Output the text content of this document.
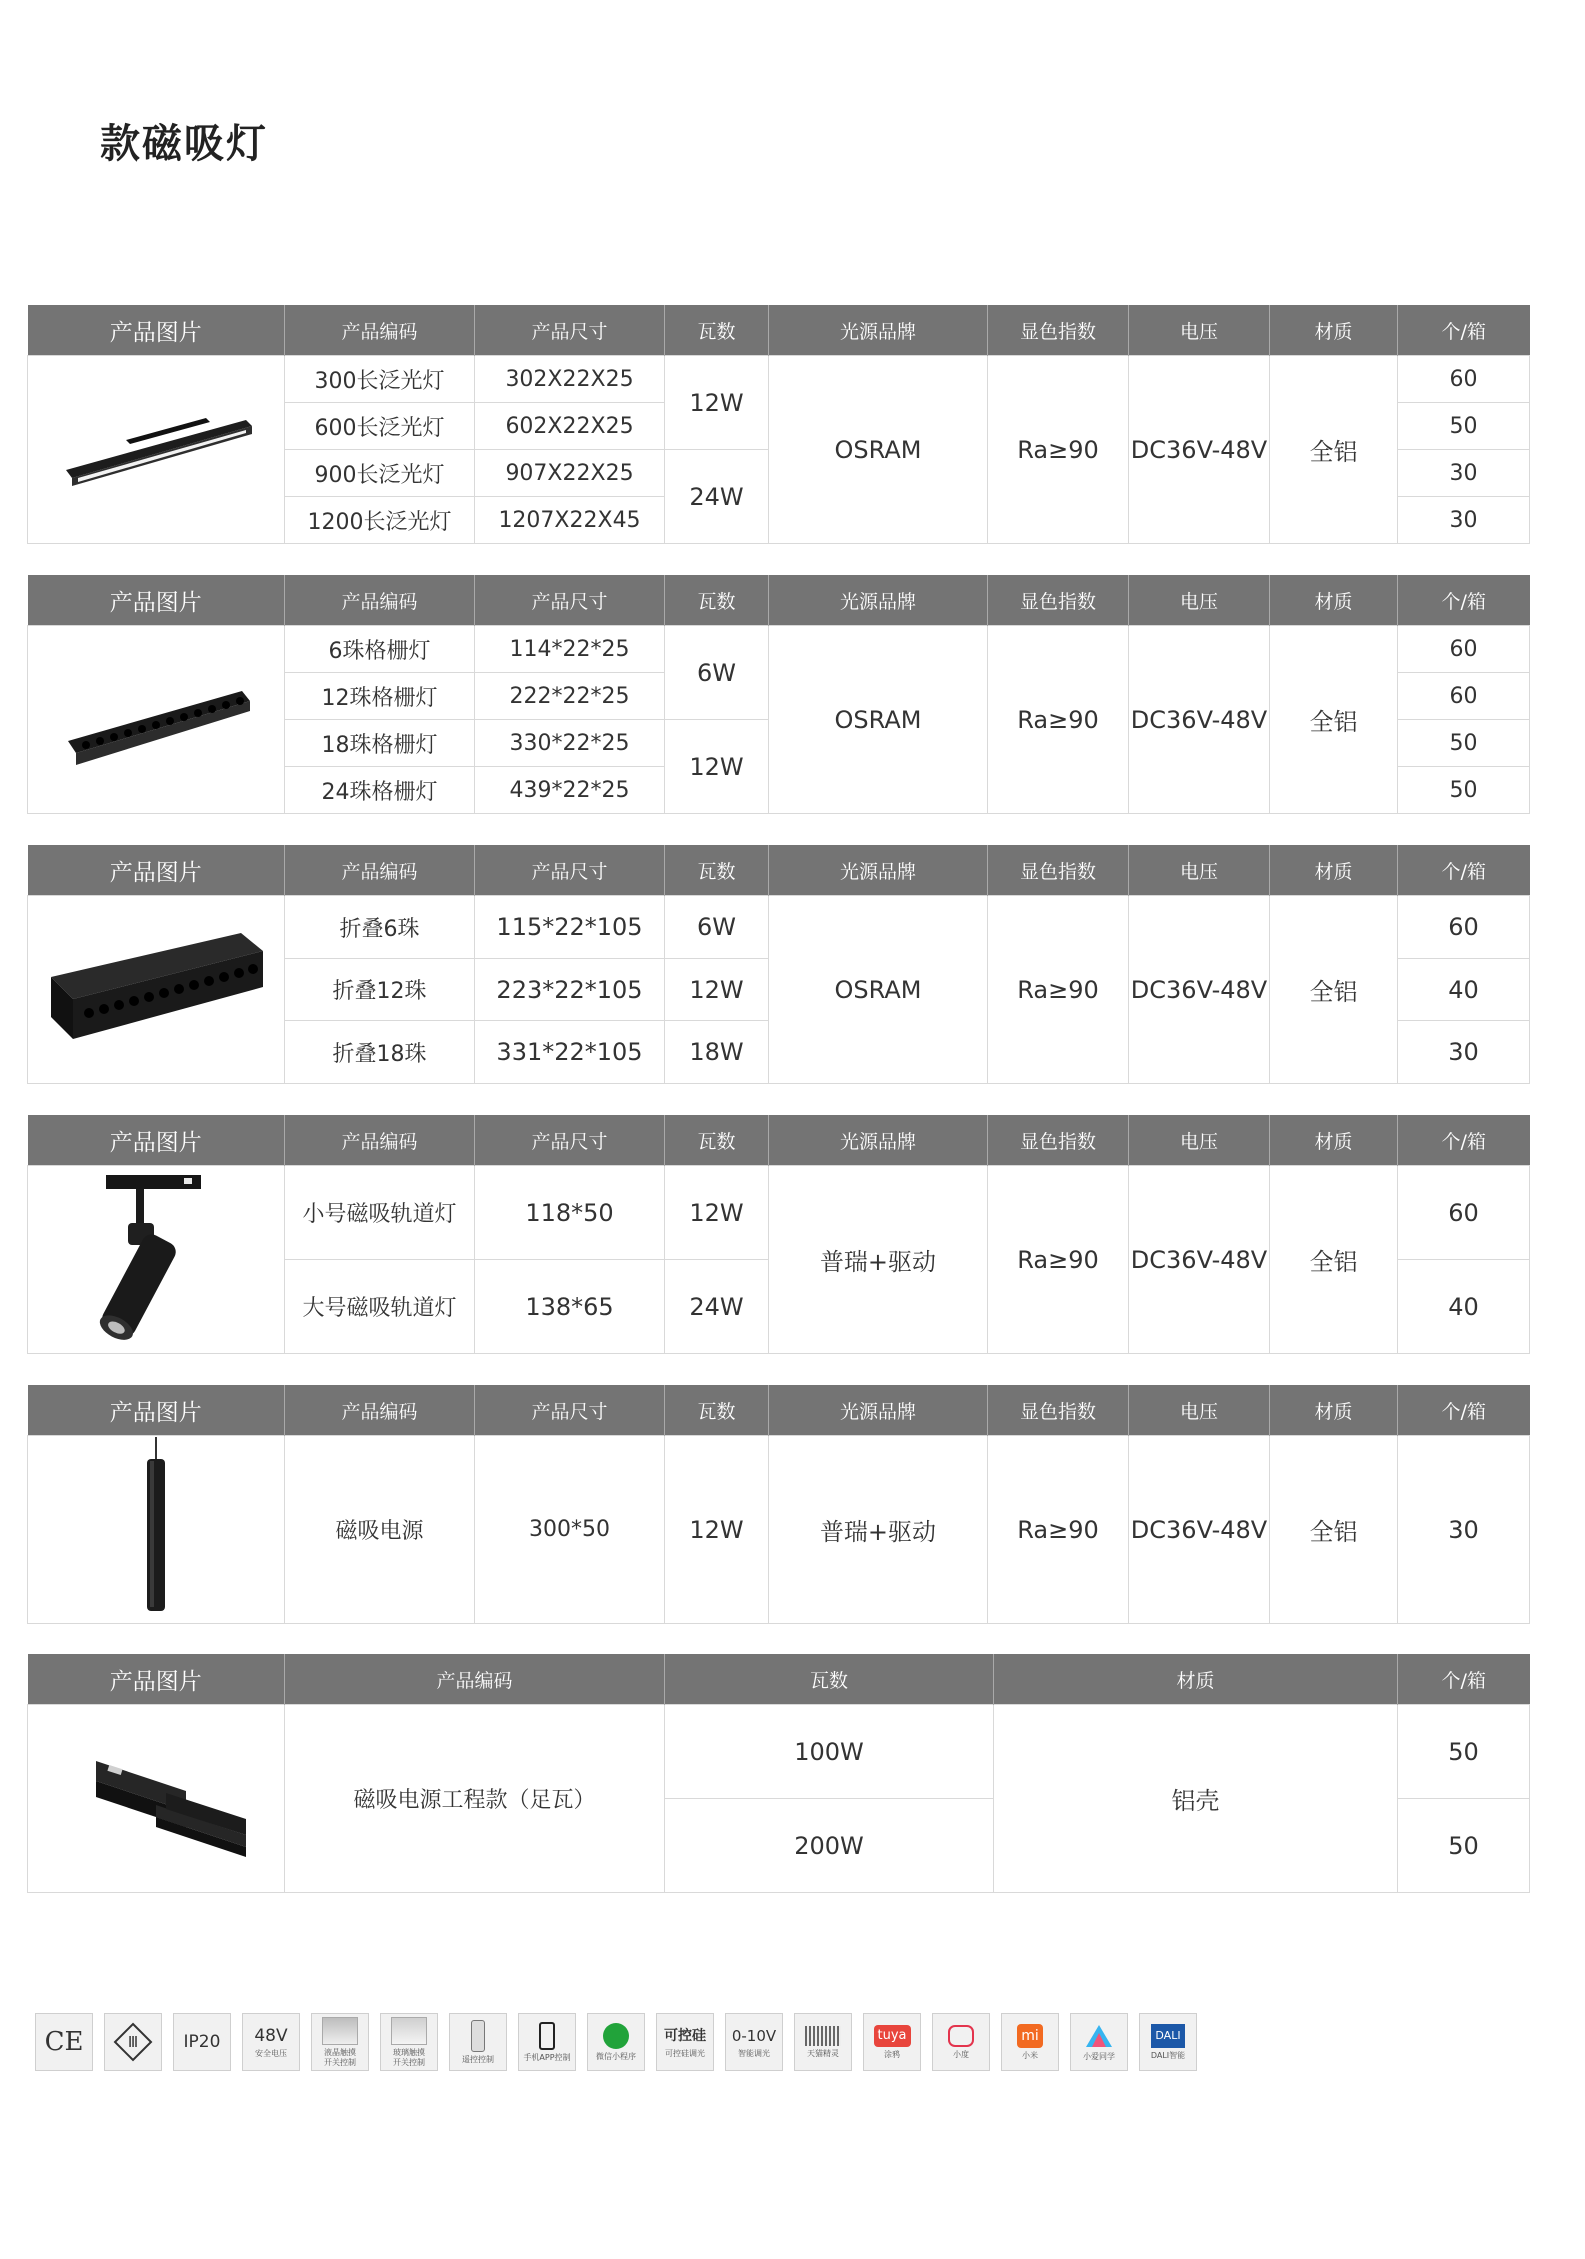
款磁吸灯
产品图片	产品编码	产品尺寸	瓦数	光源品牌	显色指数	电压	材质	个/箱
	300长泛光灯	302X22X25	12W	OSRAM	Ra≥90	DC36V-48V	全铝	60
	600长泛光灯	602X22X25						50
	900长泛光灯	907X22X25	24W					30
	1200长泛光灯	1207X22X45						30
产品图片	产品编码	产品尺寸	瓦数	光源品牌	显色指数	电压	材质	个/箱
	6珠格栅灯	114*22*25	6W	OSRAM	Ra≥90	DC36V-48V	全铝	60
	12珠格栅灯	222*22*25						60
	18珠格栅灯	330*22*25	12W					50
	24珠格栅灯	439*22*25						50
产品图片	产品编码	产品尺寸	瓦数	光源品牌	显色指数	电压	材质	个/箱
	折叠6珠	115*22*105	6W	OSRAM	Ra≥90	DC36V-48V	全铝	60
	折叠12珠	223*22*105	12W					40
	折叠18珠	331*22*105	18W					30
产品图片	产品编码	产品尺寸	瓦数	光源品牌	显色指数	电压	材质	个/箱
	小号磁吸轨道灯	118*50	12W	普瑞+驱动	Ra≥90	DC36V-48V	全铝	60
	大号磁吸轨道灯	138*65	24W					40
产品图片	产品编码	产品尺寸	瓦数	光源品牌	显色指数	电压	材质	个/箱
	磁吸电源	300*50	12W	普瑞+驱动	Ra≥90	DC36V-48V	全铝	30
产品图片	产品编码	瓦数	材质	个/箱
	磁吸电源工程款（足瓦）	100W	铝壳	50
		200W		50
CE	Ⅲ	IP20 48V
安全电压	液晶触摸
开关控制
玻璃触摸
开关控制	遥控控制	手机APP控制	微信小程序
可控硅
可控硅调光
0-10V
智能调光	天猫精灵
tuya
涂鸦	小度
mi
小米	小爱同学
DALI
DALI智能
